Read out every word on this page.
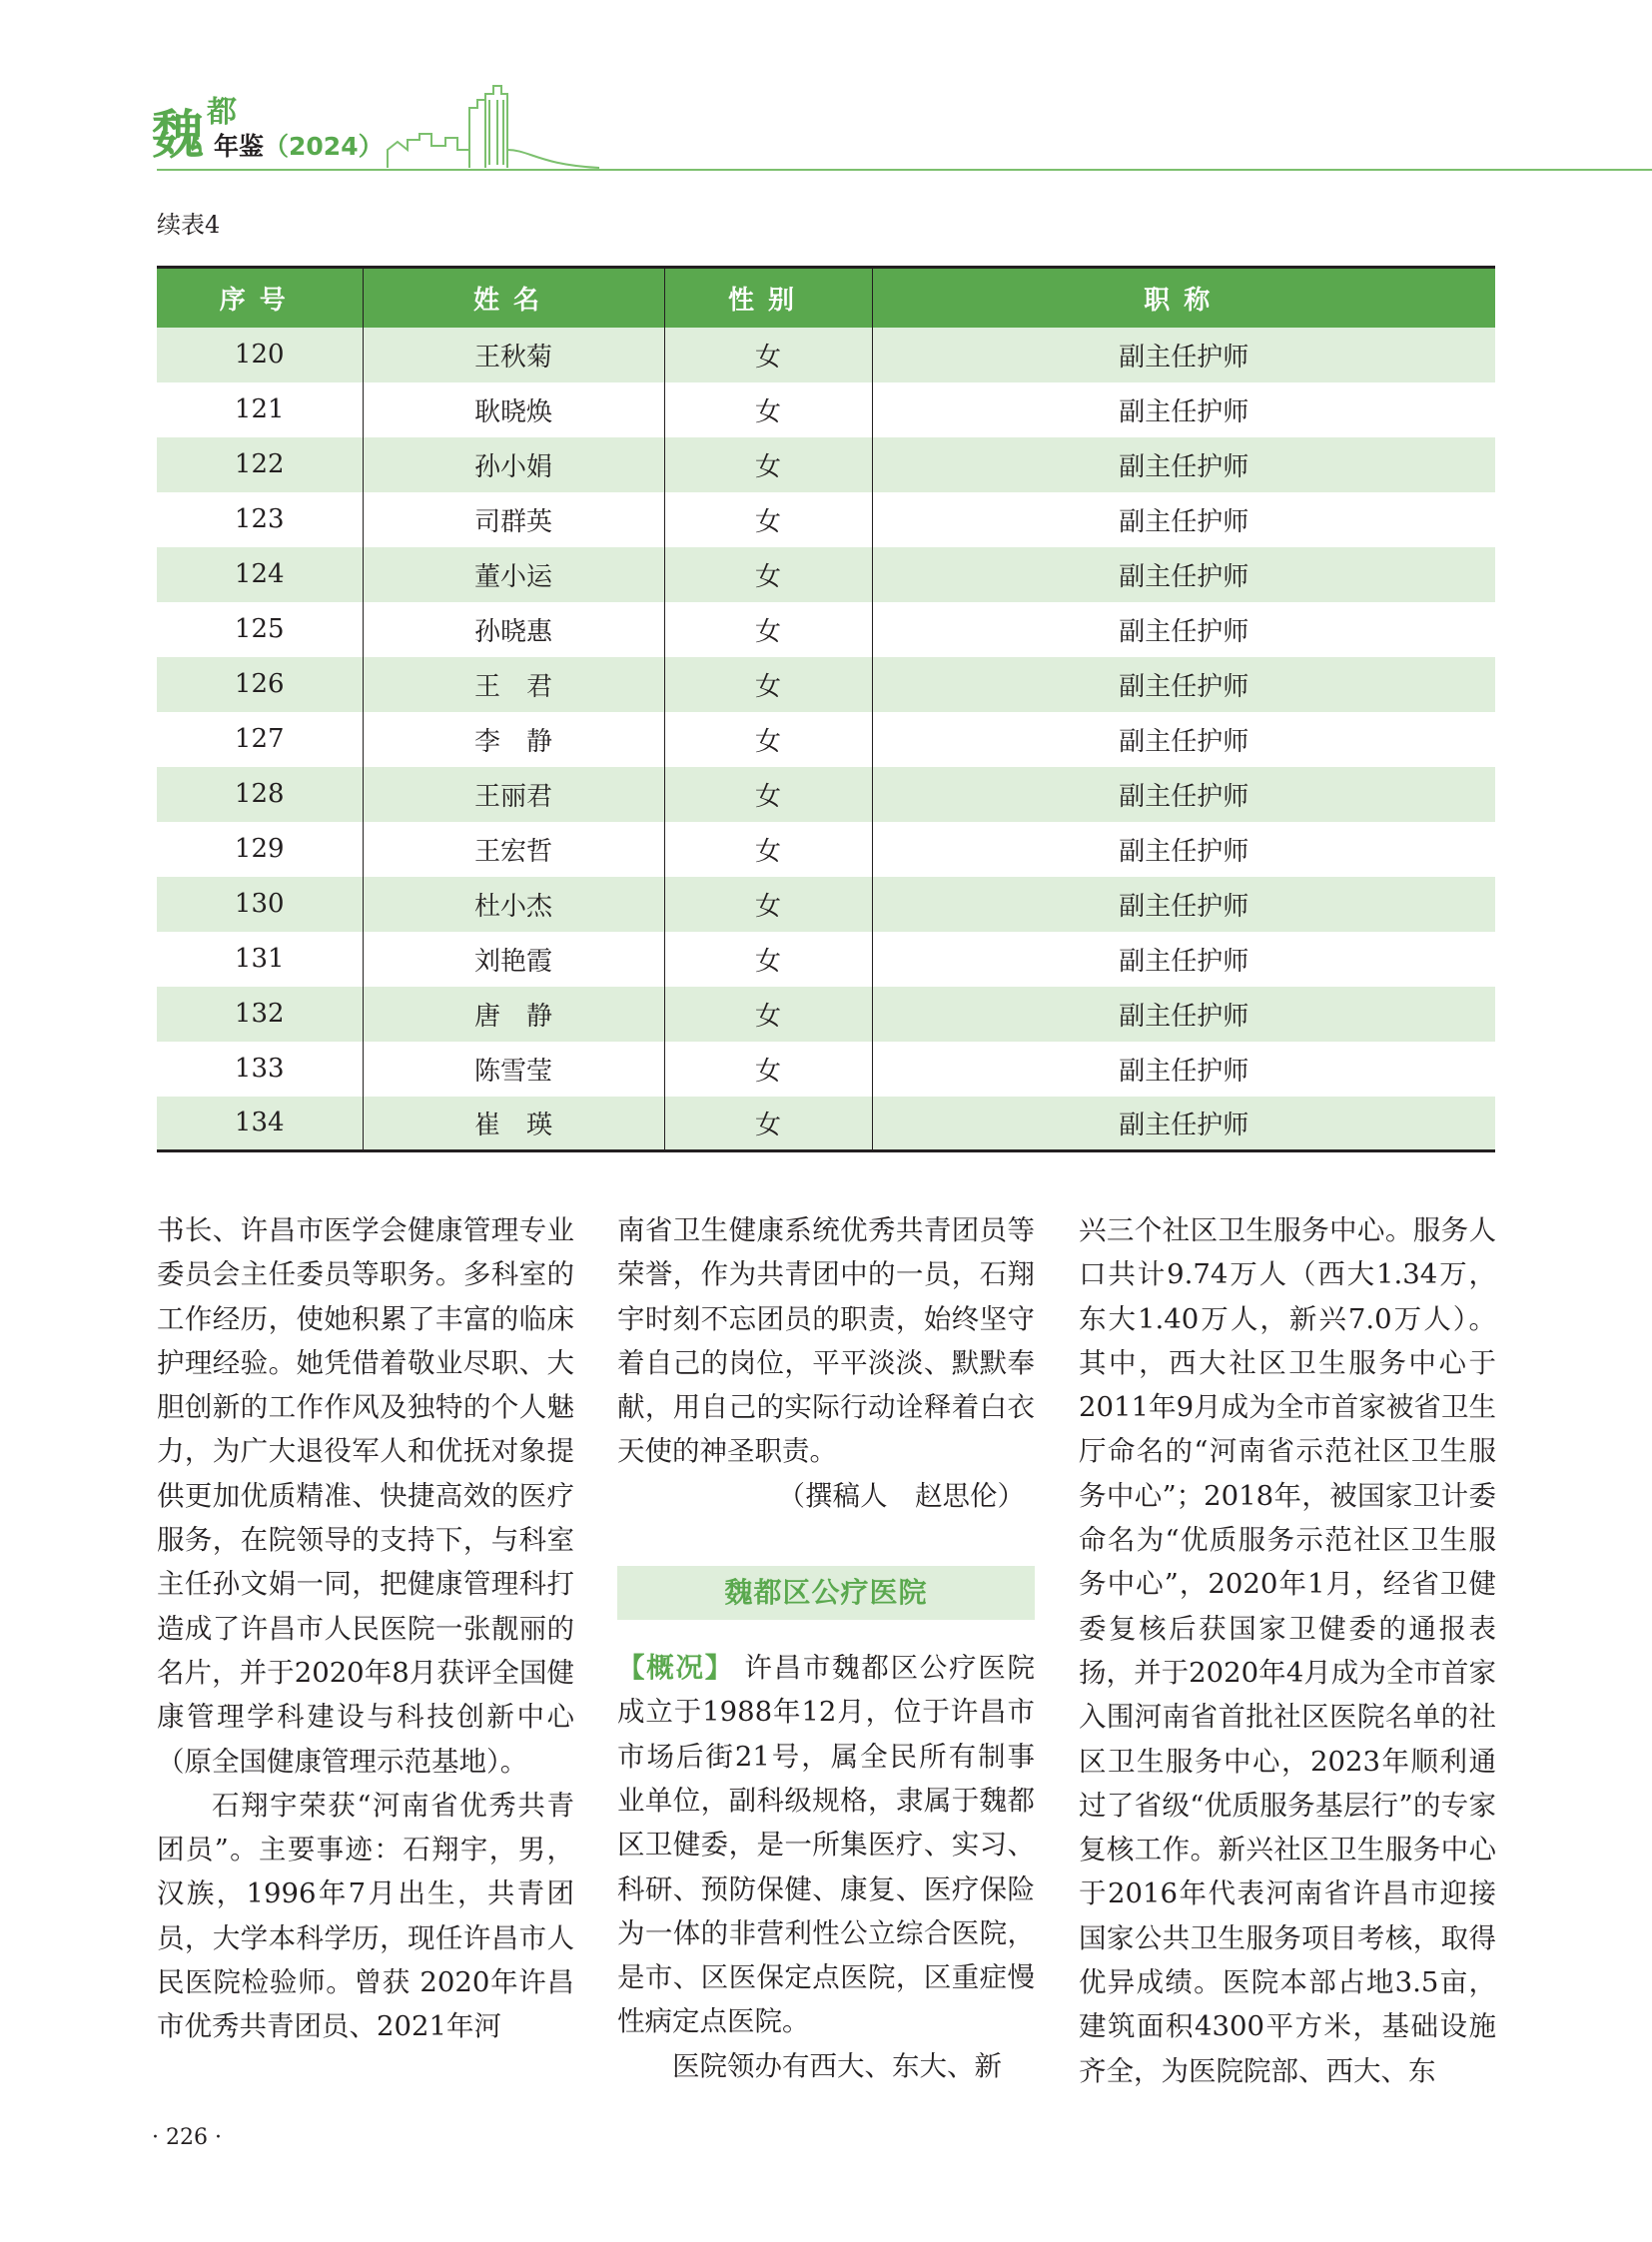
魏 都
年鉴（2024）
续表4
序号	姓名	性别	职称
120	王秋菊	女	副主任护师
121	耿晓焕	女	副主任护师
122	孙小娟	女	副主任护师
123	司群英	女	副主任护师
124	董小运	女	副主任护师
125	孙晓惠	女	副主任护师
126	王　君	女	副主任护师
127	李　静	女	副主任护师
128	王丽君	女	副主任护师
129	王宏哲	女	副主任护师
130	杜小杰	女	副主任护师
131	刘艳霞	女	副主任护师
132	唐　静	女	副主任护师
133	陈雪莹	女	副主任护师
134	崔　瑛	女	副主任护师

书长、许昌市医学会健康管理专业委员会主任委员等职务。多科室的工作经历，使她积累了丰富的临床护理经验。她凭借着敬业尽职、大胆创新的工作作风及独特的个人魅力，为广大退役军人和优抚对象提供更加优质精准、快捷高效的医疗服务，在院领导的支持下，与科室主任孙文娟一同，把健康管理科打造成了许昌市人民医院一张靓丽的名片，并于2020年8月获评全国健康管理学科建设与科技创新中心（原全国健康管理示范基地）。

石翔宇荣获“河南省优秀共青团员”。主要事迹：石翔宇，男，汉族，1996年7月出生，共青团员，大学本科学历，现任许昌市人民医院检验师。曾获 2020年许昌市优秀共青团员、2021年河

南省卫生健康系统优秀共青团员等荣誉，作为共青团中的一员，石翔宇时刻不忘团员的职责，始终坚守着自己的岗位，平平淡淡、默默奉献，用自己的实际行动诠释着白衣天使的神圣职责。

（撰稿人　赵思伦）

魏都区公疗医院

【概况】 许昌市魏都区公疗医院成立于1988年12月，位于许昌市市场后街21号，属全民所有制事业单位，副科级规格，隶属于魏都区卫健委，是一所集医疗、实习、科研、预防保健、康复、医疗保险为一体的非营利性公立综合医院，是市、区医保定点医院，区重症慢性病定点医院。

医院领办有西大、东大、新

兴三个社区卫生服务中心。服务人口共计9.74万人（西大1.34万，东大1.40万人，新兴7.0万人）。其中，西大社区卫生服务中心于2011年9月成为全市首家被省卫生厅命名的“河南省示范社区卫生服务中心”；2018年，被国家卫计委命名为“优质服务示范社区卫生服务中心”，2020年1月，经省卫健委复核后获国家卫健委的通报表扬，并于2020年4月成为全市首家入围河南省首批社区医院名单的社区卫生服务中心，2023年顺利通过了省级“优质服务基层行”的专家复核工作。新兴社区卫生服务中心于2016年代表河南省许昌市迎接国家公共卫生服务项目考核，取得优异成绩。医院本部占地3.5亩，建筑面积4300平方米，基础设施齐全，为医院院部、西大、东

· 226 ·
